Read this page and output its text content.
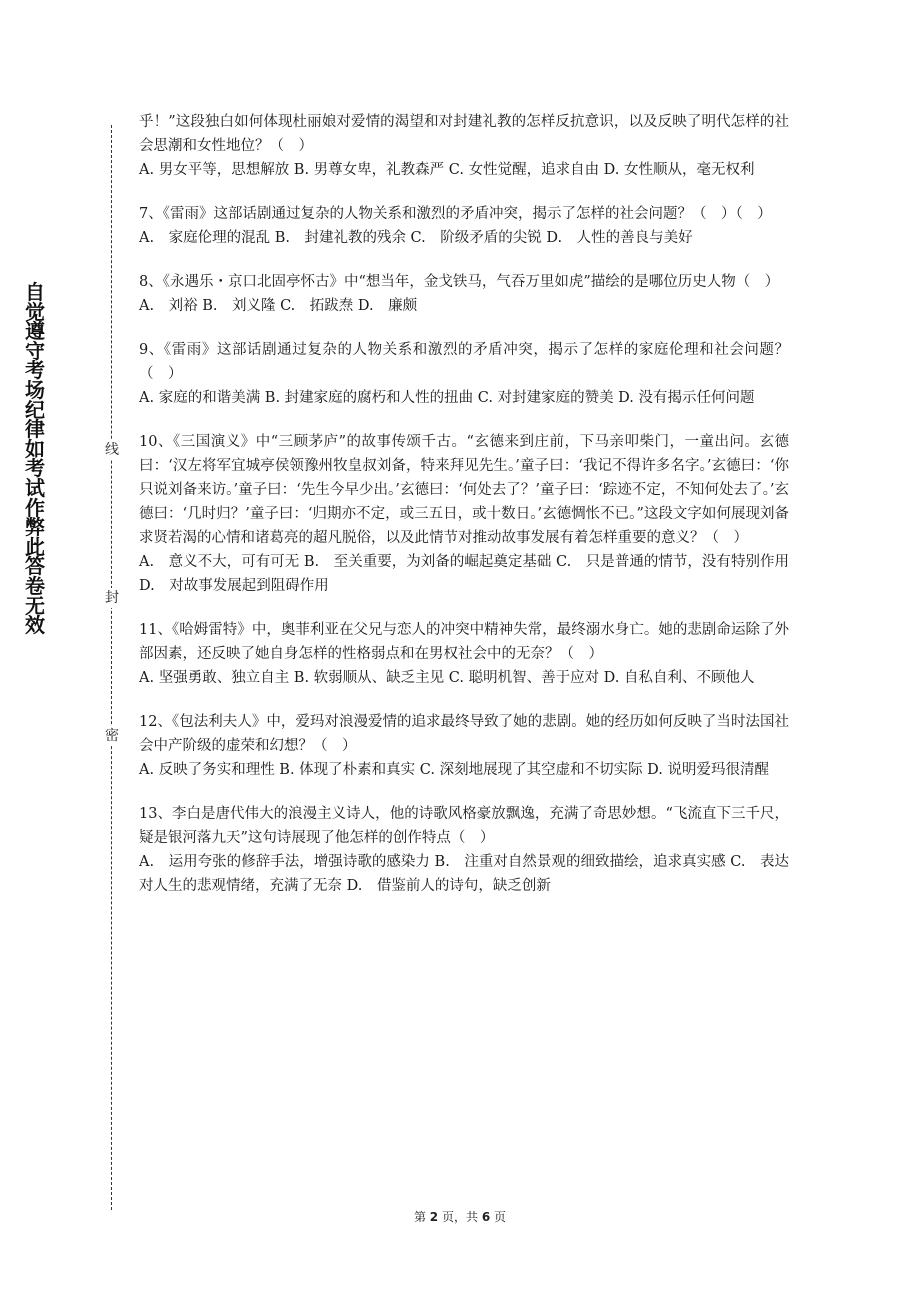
自觉遵守考场纪律如考试作弊此答卷无效
线
封
密

乎！”这段独白如何体现杜丽娘对爱情的渴望和对封建礼教的怎样反抗意识，以及反映了明代怎样的社会思潮和女性地位？（　）

A. 男女平等，思想解放 B. 男尊女卑，礼教森严 C. 女性觉醒，追求自由 D. 女性顺从，毫无权利

7、《雷雨》这部话剧通过复杂的人物关系和激烈的矛盾冲突，揭示了怎样的社会问题？（　）（　）

A.　家庭伦理的混乱 B.　封建礼教的残余 C.　阶级矛盾的尖锐 D.　人性的善良与美好

8、《永遇乐・京口北固亭怀古》中“想当年，金戈铁马，气吞万里如虎”描绘的是哪位历史人物（　）

A.　刘裕 B.　刘义隆 C.　拓跋焘 D.　廉颇

9、《雷雨》这部话剧通过复杂的人物关系和激烈的矛盾冲突，揭示了怎样的家庭伦理和社会问题？（　）

A. 家庭的和谐美满 B. 封建家庭的腐朽和人性的扭曲 C. 对封建家庭的赞美 D. 没有揭示任何问题

10、《三国演义》中“三顾茅庐”的故事传颂千古。“玄德来到庄前，下马亲叩柴门，一童出问。玄德曰：‘汉左将军宜城亭侯领豫州牧皇叔刘备，特来拜见先生。’童子曰：‘我记不得许多名字。’玄德曰：‘你只说刘备来访。’童子曰：‘先生今早少出。’玄德曰：‘何处去了？’童子曰：‘踪迹不定，不知何处去了。’玄德曰：‘几时归？’童子曰：‘归期亦不定，或三五日，或十数日。’玄德惆怅不已。”这段文字如何展现刘备求贤若渴的心情和诸葛亮的超凡脱俗，以及此情节对推动故事发展有着怎样重要的意义？（　）

A.　意义不大，可有可无 B.　至关重要，为刘备的崛起奠定基础 C.　只是普通的情节，没有特别作用 D.　对故事发展起到阻碍作用

11、《哈姆雷特》中，奥菲利亚在父兄与恋人的冲突中精神失常，最终溺水身亡。她的悲剧命运除了外部因素，还反映了她自身怎样的性格弱点和在男权社会中的无奈？（　）

A. 坚强勇敢、独立自主 B. 软弱顺从、缺乏主见 C. 聪明机智、善于应对 D. 自私自利、不顾他人

12、《包法利夫人》中，爱玛对浪漫爱情的追求最终导致了她的悲剧。她的经历如何反映了当时法国社会中产阶级的虚荣和幻想？（　）

A. 反映了务实和理性 B. 体现了朴素和真实 C. 深刻地展现了其空虚和不切实际 D. 说明爱玛很清醒

13、李白是唐代伟大的浪漫主义诗人，他的诗歌风格豪放飘逸，充满了奇思妙想。“飞流直下三千尺，疑是银河落九天”这句诗展现了他怎样的创作特点（　）

A.　运用夸张的修辞手法，增强诗歌的感染力 B.　注重对自然景观的细致描绘，追求真实感 C.　表达对人生的悲观情绪，充满了无奈 D.　借鉴前人的诗句，缺乏创新

第 2 页，共 6 页
